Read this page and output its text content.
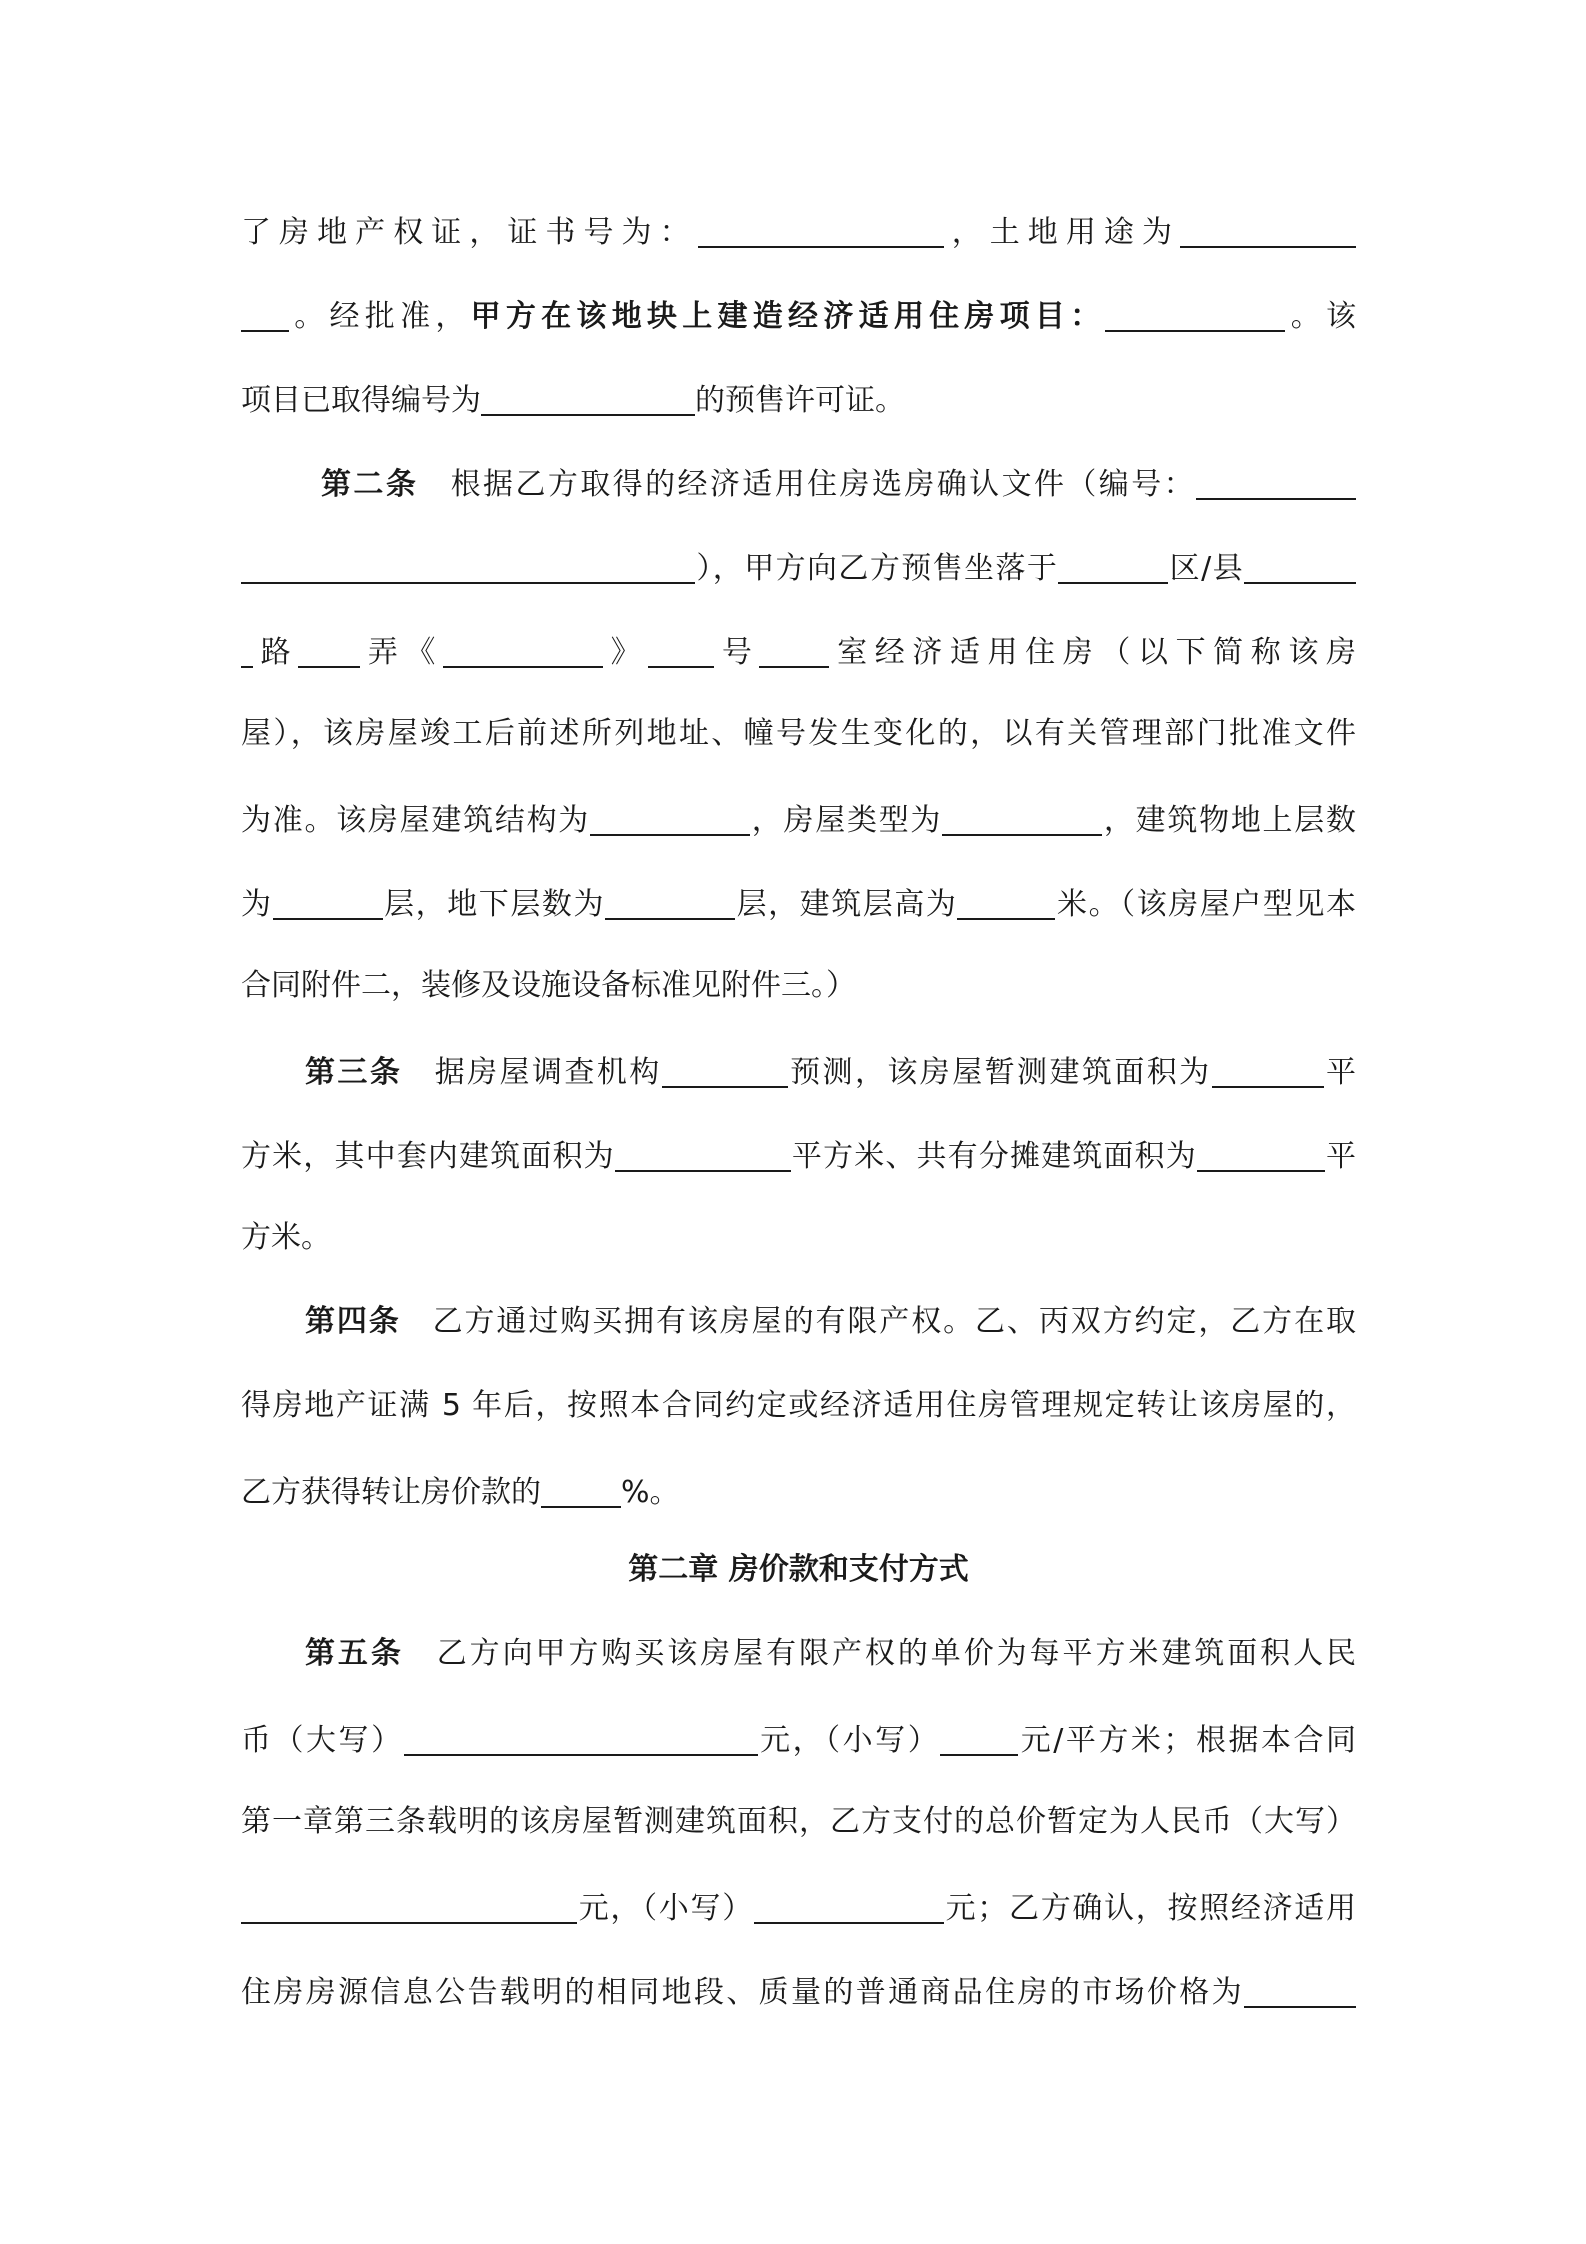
了房地产权证，证书号为：	，土地用途为
。经批准，甲方在该地块上建造经济适用住房项目：	。该
项目已取得编号为	的预售许可证。
第二条 根据乙方取得的经济适用住房选房确认文件（编号：
），甲方向乙方预售坐落于	区/县
路 弄《	》 号 室经济适用住房（以下简称该房
屋），该房屋竣工后前述所列地址、幢号发生变化的，以有关管理部门批准文件
为准。该房屋建筑结构为	，房屋类型为	，建筑物地上层数
为	层，地下层数为	层，建筑层高为	米。（该房屋户型见本
合同附件二，装修及设施设备标准见附件三。）
第三条 据房屋调查机构	预测，该房屋暂测建筑面积为	平
方米，其中套内建筑面积为	平方米、共有分摊建筑面积为	平
方米。
第四条 乙方通过购买拥有该房屋的有限产权。乙、丙双方约定，乙方在取
得房地产证满 5 年后，按照本合同约定或经济适用住房管理规定转让该房屋的，
乙方获得转让房价款的	%。
第二章 房价款和支付方式
第五条 乙方向甲方购买该房屋有限产权的单价为每平方米建筑面积人民
币（大写）	元，（小写）	元/平方米；根据本合同
第一章第三条载明的该房屋暂测建筑面积，乙方支付的总价暂定为人民币（大写）
元，（小写）	元；乙方确认，按照经济适用
住房房源信息公告载明的相同地段、质量的普通商品住房的市场价格为
